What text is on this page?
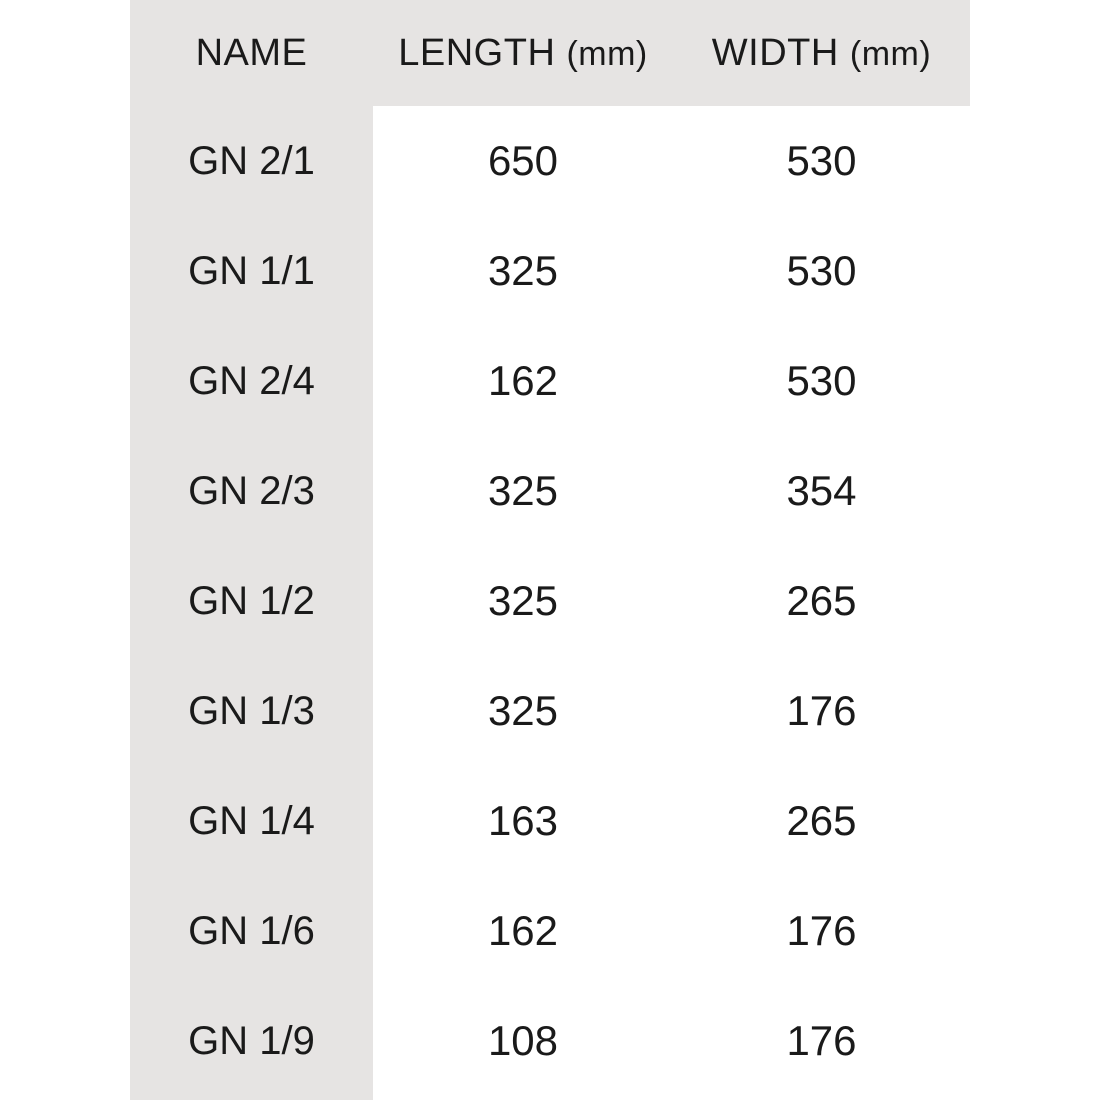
NAME	LENGTH (mm)	WIDTH (mm)
GN 2/1	650	530
GN 1/1	325	530
GN 2/4	162	530
GN 2/3	325	354
GN 1/2	325	265
GN 1/3	325	176
GN 1/4	163	265
GN 1/6	162	176
GN 1/9	108	176
